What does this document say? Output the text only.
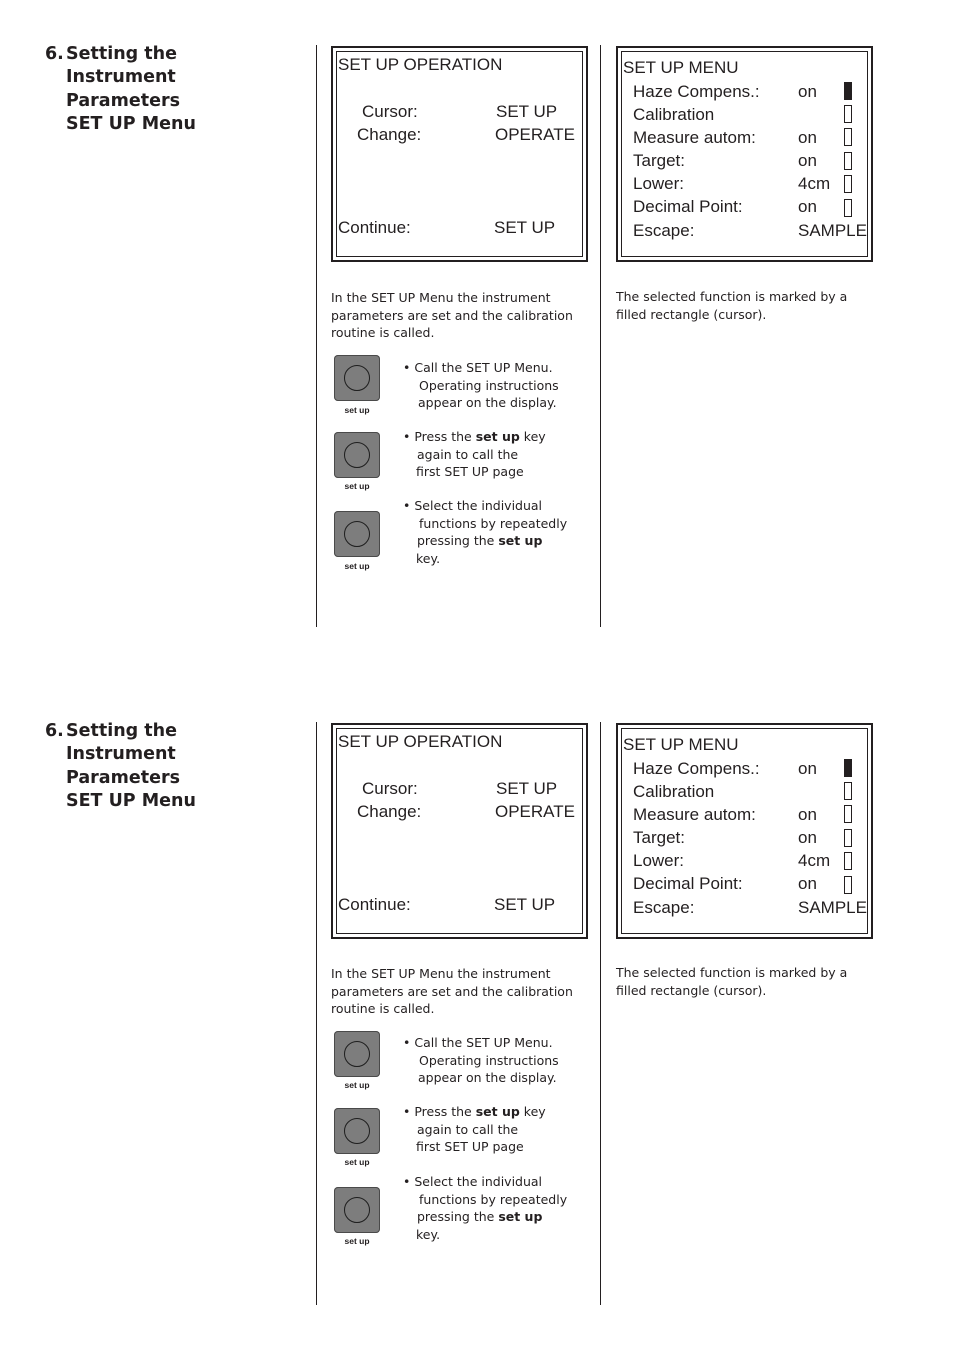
6. Setting the
Instrument
Parameters
SET UP Menu
SET UP OPERATION
Cursor:	SET UP
Change:	OPERATE
Continue:	SET UP
SET UP MENU
Haze Compens.: on
Calibration
Measure autom: on
Target:	on
Lower:	4cm
Decimal Point:	on
Escape:	SAMPLE
In the SET UP Menu the instrument
parameters are set and the calibration
routine is called.
The selected function is marked by a
filled rectangle (cursor).
set up
set up
set up
• Call the SET UP Menu.
Operating instructions
appear on the display.
• Press the set up key
again to call the
first SET UP page
• Select the individual
functions by repeatedly
pressing the set up
key.
6. Setting the
Instrument
Parameters
SET UP Menu
SET UP OPERATION
Cursor:	SET UP
Change:	OPERATE
Continue:	SET UP
SET UP MENU
Haze Compens.: on
Calibration
Measure autom: on
Target:	on
Lower:	4cm
Decimal Point:	on
Escape:	SAMPLE
In the SET UP Menu the instrument
parameters are set and the calibration
routine is called.
The selected function is marked by a
filled rectangle (cursor).
set up
set up
set up
• Call the SET UP Menu.
Operating instructions
appear on the display.
• Press the set up key
again to call the
first SET UP page
• Select the individual
functions by repeatedly
pressing the set up
key.
